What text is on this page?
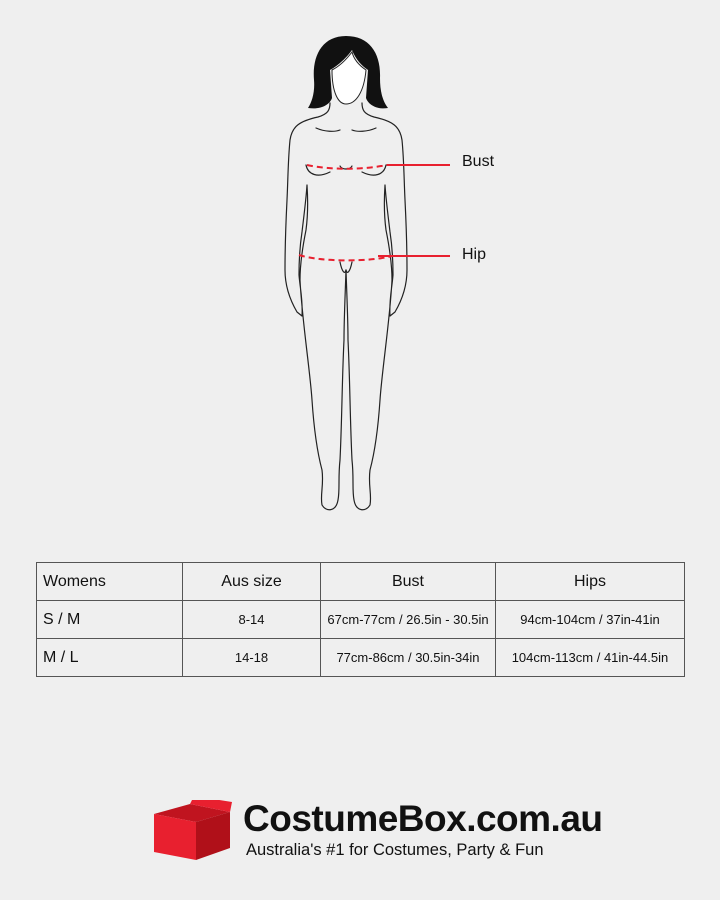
Bust
Hip
Womens	Aus size	Bust	Hips
S / M	8-14	67cm-77cm / 26.5in - 30.5in	94cm-104cm / 37in-41in
M / L	14-18	77cm-86cm / 30.5in-34in	104cm-113cm / 41in-44.5in
CostumeBox.com.au
Australia's #1 for Costumes, Party & Fun
